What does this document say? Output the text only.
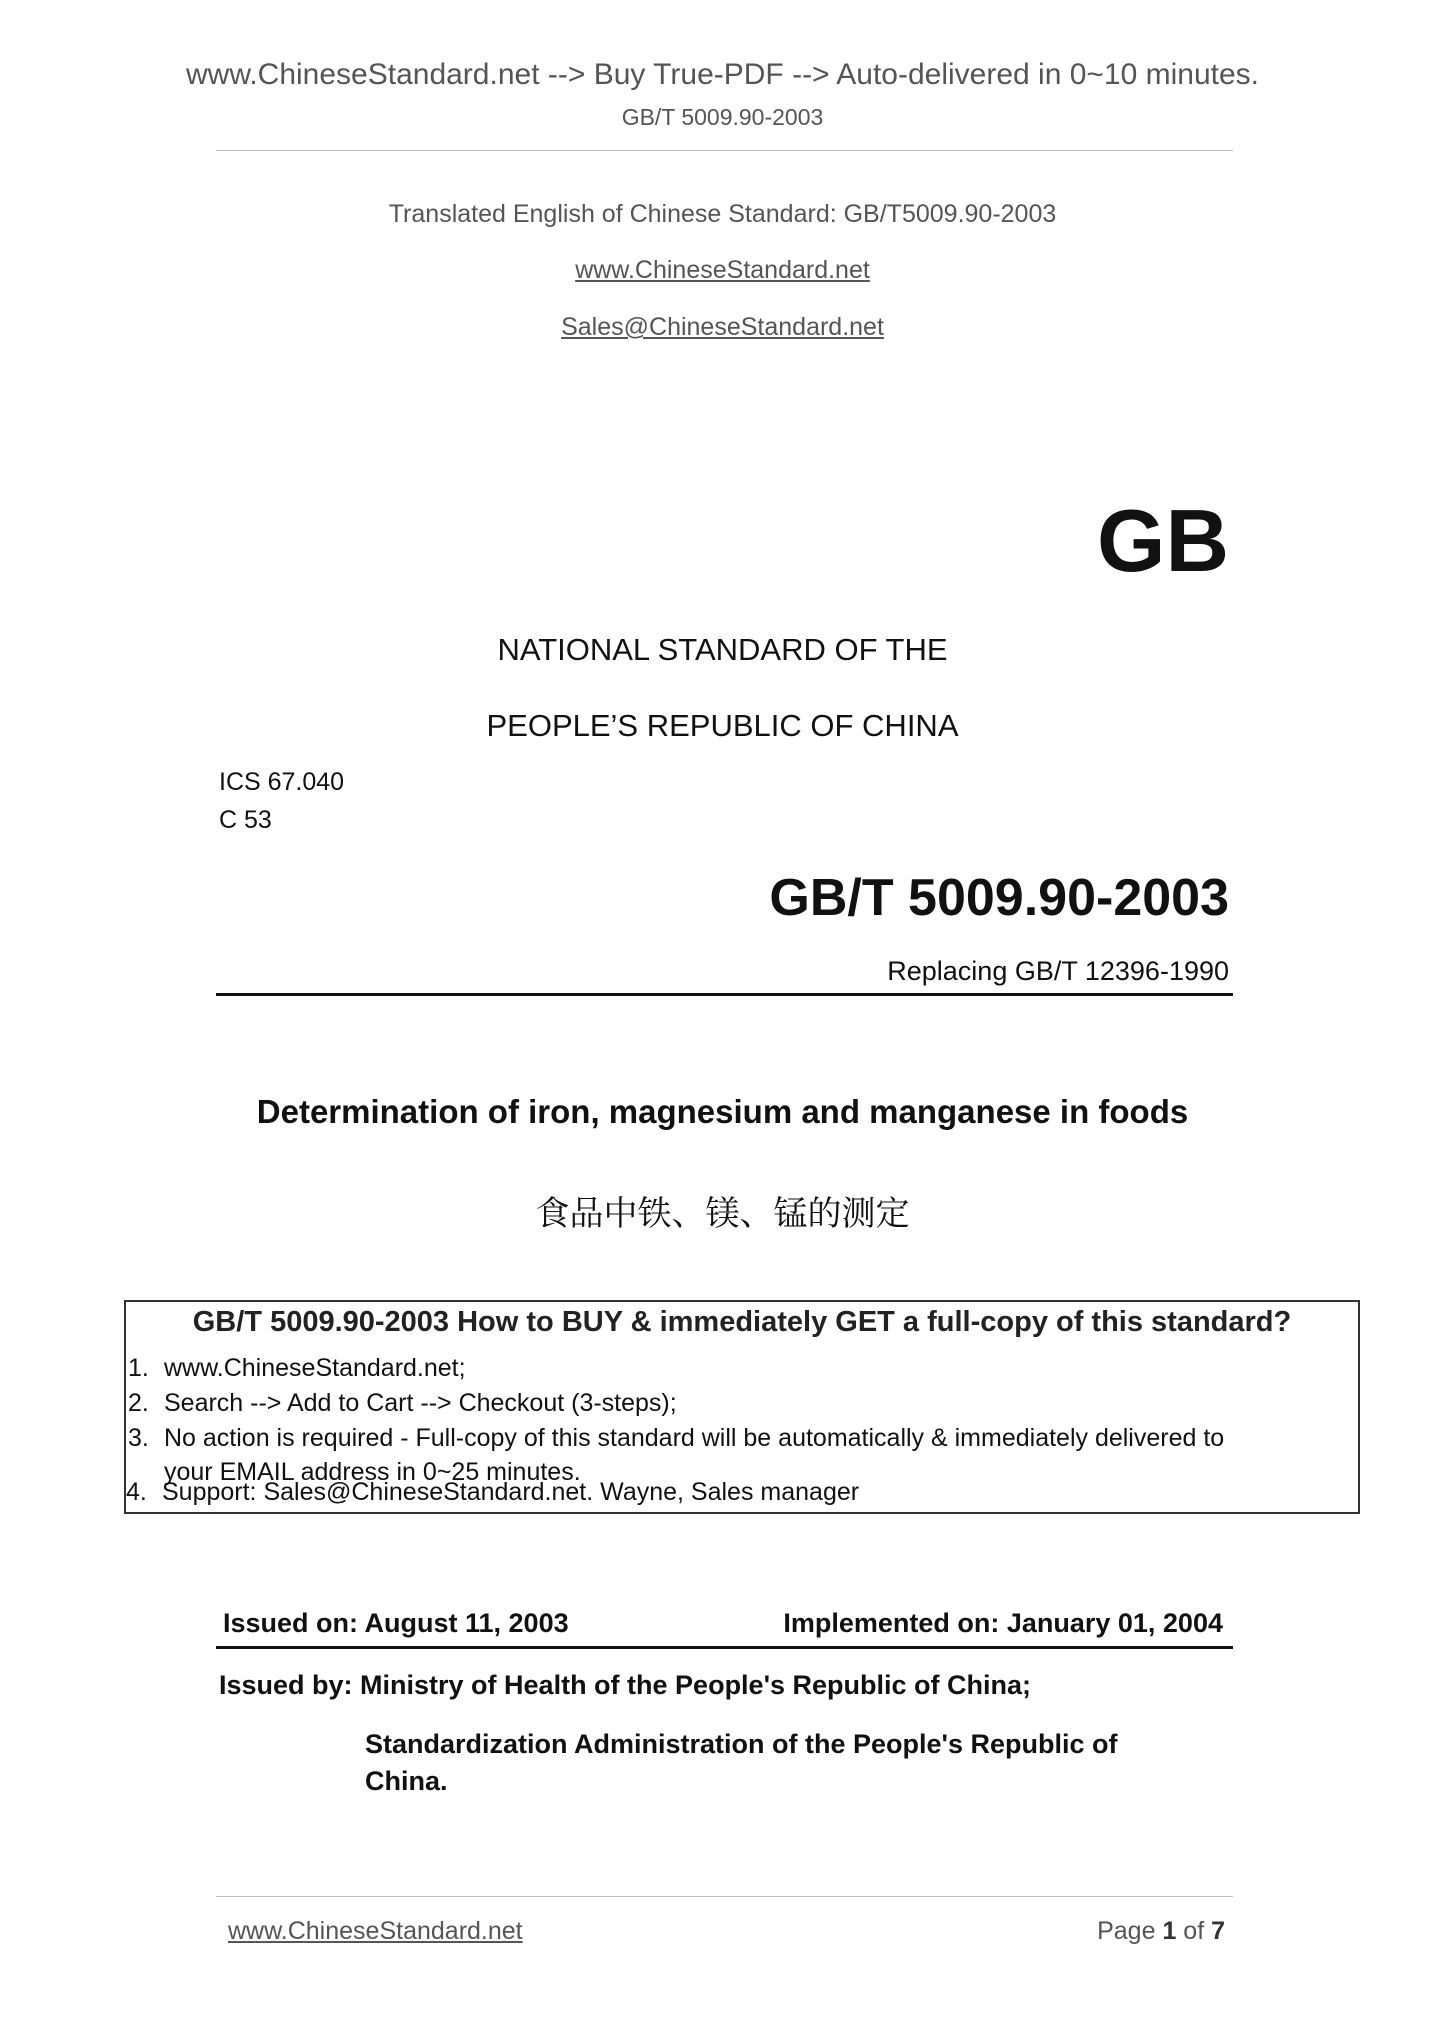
www.ChineseStandard.net --> Buy True-PDF --> Auto-delivered in 0~10 minutes.
GB/T 5009.90-2003
Translated English of Chinese Standard: GB/T5009.90-2003
www.ChineseStandard.net
Sales@ChineseStandard.net
GB
NATIONAL STANDARD OF THE
PEOPLE’S REPUBLIC OF CHINA
ICS 67.040
C 53
GB/T 5009.90-2003
Replacing GB/T 12396-1990
Determination of iron, magnesium and manganese in foods
食品中铁、镁、锰的测定
GB/T 5009.90-2003 How to BUY & immediately GET a full-copy of this standard?
1. www.ChineseStandard.net;
2. Search --> Add to Cart --> Checkout (3-steps);
3. No action is required - Full-copy of this standard will be automatically & immediately delivered to
your EMAIL address in 0~25 minutes.
4. Support: Sales@ChineseStandard.net. Wayne, Sales manager
Issued on: August 11, 2003	Implemented on: January 01, 2004
Issued by: Ministry of Health of the People's Republic of China;
Standardization Administration of the People's Republic of China.
www.ChineseStandard.net	Page 1 of 7
